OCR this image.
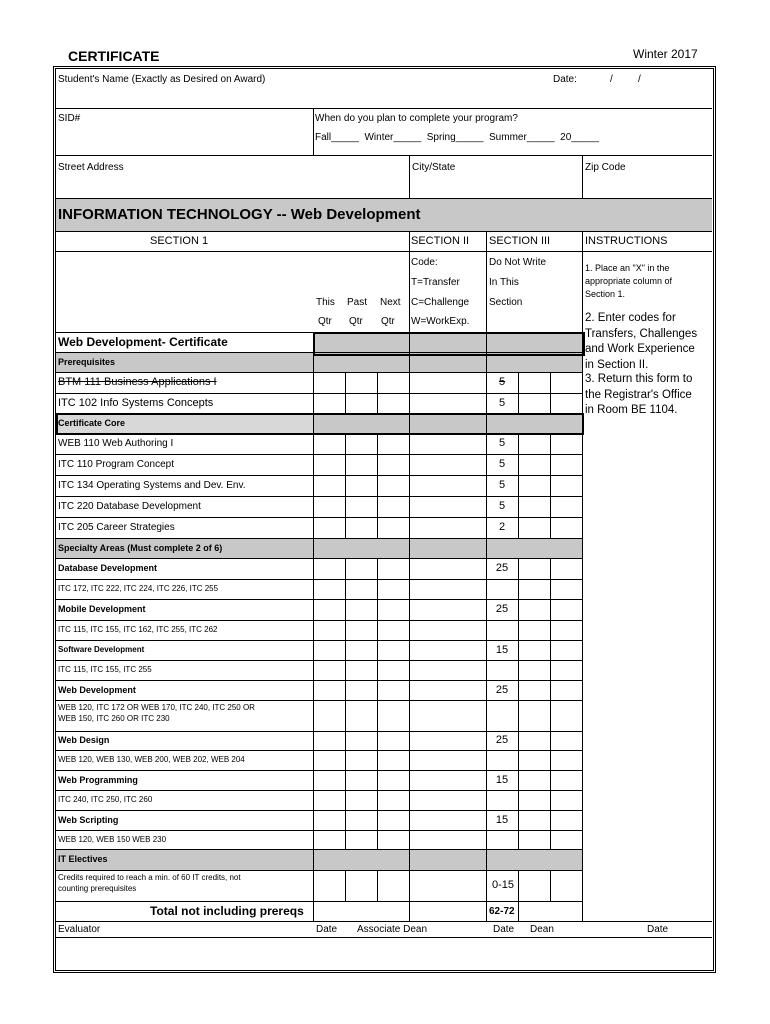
CERTIFICATE	Winter 2017
Student's Name (Exactly as Desired on Award)	Date:	/	/
SID#	When do you plan to complete your program?
Fall_____  Winter_____  Spring_____  Summer_____  20_____
Street Address	City/State	Zip Code
INFORMATION TECHNOLOGY -- Web Development
SECTION 1	SECTION II SECTION III	INSTRUCTIONS
This Past Next
Qtr Qtr Qtr
Code:
T=Transfer
C=Challenge
W=WorkExp.
Do Not Write
In This
Section
1. Place an "X" in the
appropriate column of
Section 1.
2. Enter codes for
Transfers, Challenges
and Work Experience
in Section II.
3. Return this form to
the Registrar's Office
in Room BE 1104.
Web Development- Certificate
Prerequisites
BTM 111 Business Applications I	5
ITC 102 Info Systems Concepts	5
Certificate Core
WEB 110 Web Authoring I	5
ITC 110 Program Concept	5
ITC 134 Operating Systems and Dev. Env.	5
ITC 220 Database Development	5
ITC 205 Career Strategies	2
Specialty Areas (Must complete 2 of 6)
Database Development	25
ITC 172, ITC 222, ITC 224, ITC 226, ITC 255
Mobile Development	25
ITC 115, ITC 155, ITC 162, ITC 255, ITC 262
Software Development	15
ITC 115, ITC 155, ITC 255
Web Development	25
WEB 120, ITC 172 OR WEB 170, ITC 240, ITC 250 OR
WEB 150, ITC 260 OR ITC 230
Web Design	25
WEB 120, WEB 130, WEB 200, WEB 202, WEB 204
Web Programming	15
ITC 240, ITC 250, ITC 260
Web Scripting	15
WEB 120, WEB 150 WEB 230
IT Electives
Credits required to reach a min. of 60 IT credits, not
counting prerequisites	0-15
Total not including prereqs	62-72
Evaluator	Date Associate Dean	Date Dean	Date
